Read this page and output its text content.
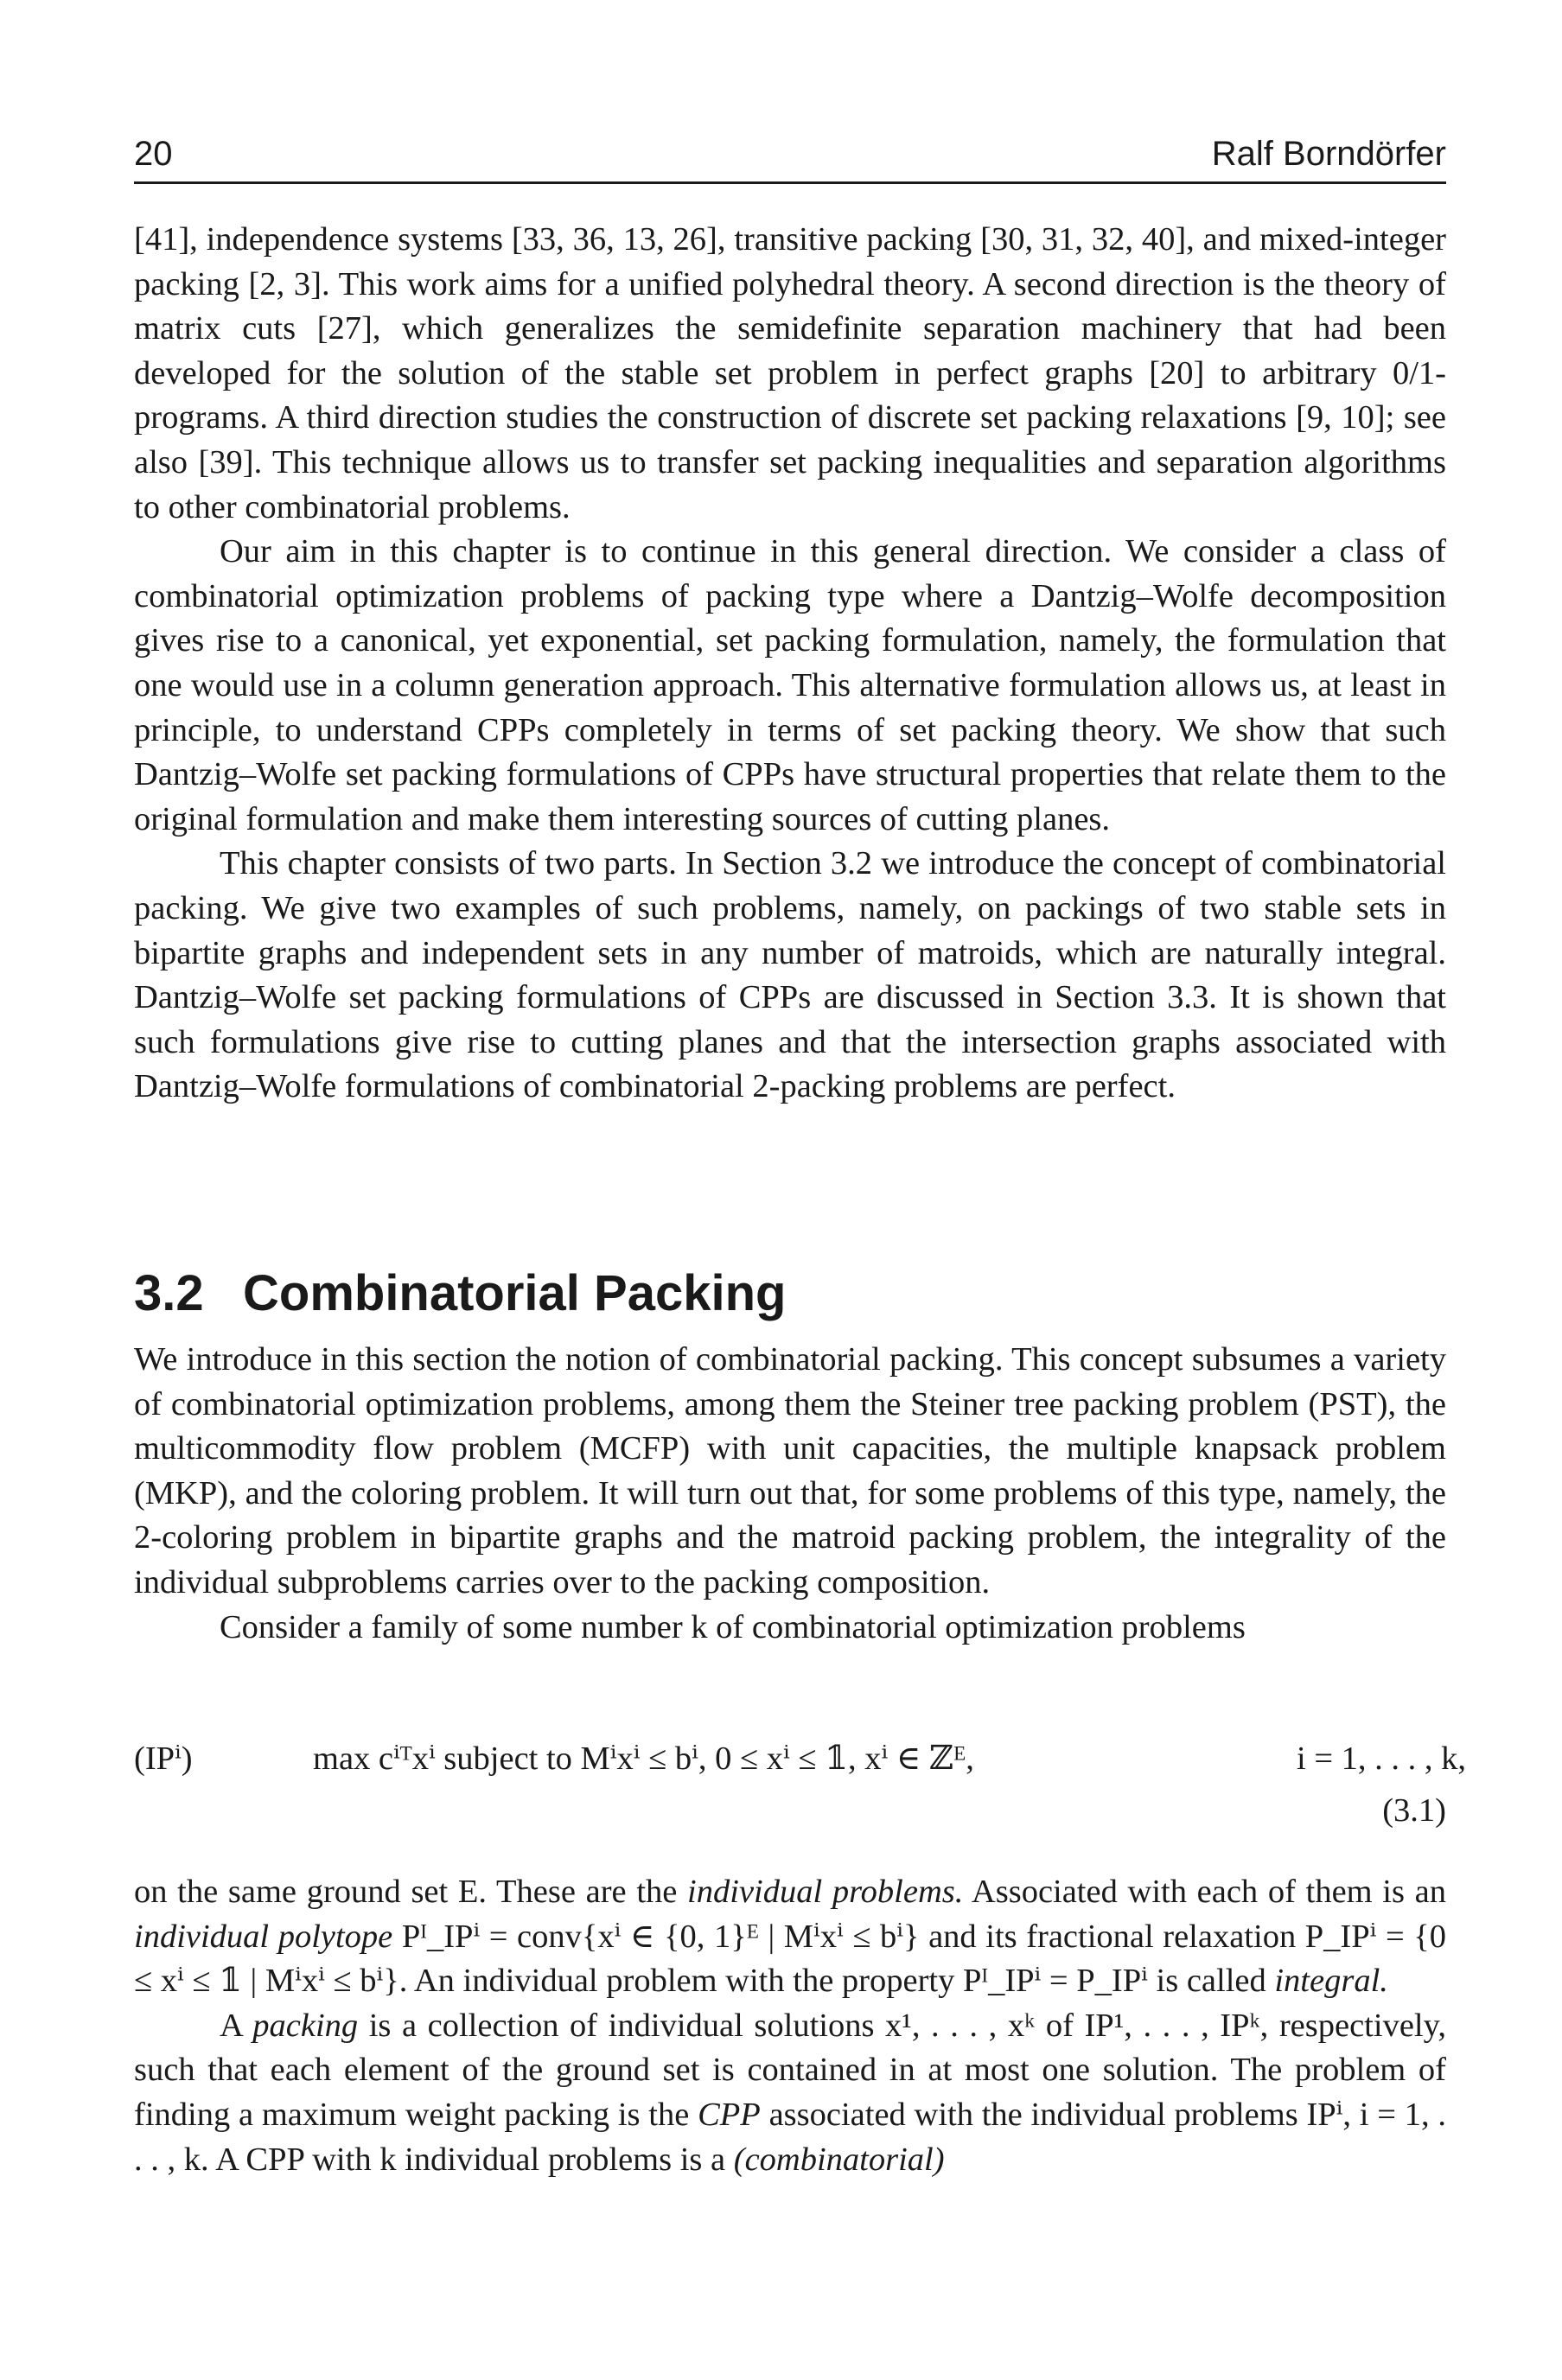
20	Ralf Borndörfer

[41], independence systems [33, 36, 13, 26], transitive packing [30, 31, 32, 40], and mixed-integer packing [2, 3]. This work aims for a unified polyhedral theory. A second direction is the theory of matrix cuts [27], which generalizes the semidefinite separation machinery that had been developed for the solution of the stable set problem in perfect graphs [20] to arbitrary 0/1-programs. A third direction studies the construction of discrete set packing relaxations [9, 10]; see also [39]. This technique allows us to transfer set packing inequalities and separation algorithms to other combinatorial problems.

Our aim in this chapter is to continue in this general direction. We consider a class of combinatorial optimization problems of packing type where a Dantzig–Wolfe decomposition gives rise to a canonical, yet exponential, set packing formulation, namely, the formulation that one would use in a column generation approach. This alternative formulation allows us, at least in principle, to understand CPPs completely in terms of set packing theory. We show that such Dantzig–Wolfe set packing formulations of CPPs have structural properties that relate them to the original formulation and make them interesting sources of cutting planes.

This chapter consists of two parts. In Section 3.2 we introduce the concept of combinatorial packing. We give two examples of such problems, namely, on packings of two stable sets in bipartite graphs and independent sets in any number of matroids, which are naturally integral. Dantzig–Wolfe set packing formulations of CPPs are discussed in Section 3.3. It is shown that such formulations give rise to cutting planes and that the intersection graphs associated with Dantzig–Wolfe formulations of combinatorial 2-packing problems are perfect.

3.2 Combinatorial Packing

We introduce in this section the notion of combinatorial packing. This concept subsumes a variety of combinatorial optimization problems, among them the Steiner tree packing problem (PST), the multicommodity flow problem (MCFP) with unit capacities, the multiple knapsack problem (MKP), and the coloring problem. It will turn out that, for some problems of this type, namely, the 2-coloring problem in bipartite graphs and the matroid packing problem, the integrality of the individual subproblems carries over to the packing composition.

Consider a family of some number k of combinatorial optimization problems

(IPⁱ)	max cⁱᵀxⁱ subject to Mⁱxⁱ ≤ bⁱ, 0 ≤ xⁱ ≤ 𝟙, xⁱ ∈ ℤᴱ,	i = 1, . . . , k,
(3.1)

on the same ground set E. These are the individual problems. Associated with each of them is an individual polytope Pᴵ_IPⁱ = conv{xⁱ ∈ {0, 1}ᴱ | Mⁱxⁱ ≤ bⁱ} and its fractional relaxation P_IPⁱ = {0 ≤ xⁱ ≤ 𝟙 | Mⁱxⁱ ≤ bⁱ}. An individual problem with the property Pᴵ_IPⁱ = P_IPⁱ is called integral.

A packing is a collection of individual solutions x¹, . . . , xᵏ of IP¹, . . . , IPᵏ, respectively, such that each element of the ground set is contained in at most one solution. The problem of finding a maximum weight packing is the CPP associated with the individual problems IPⁱ, i = 1, . . . , k. A CPP with k individual problems is a (combinatorial)
